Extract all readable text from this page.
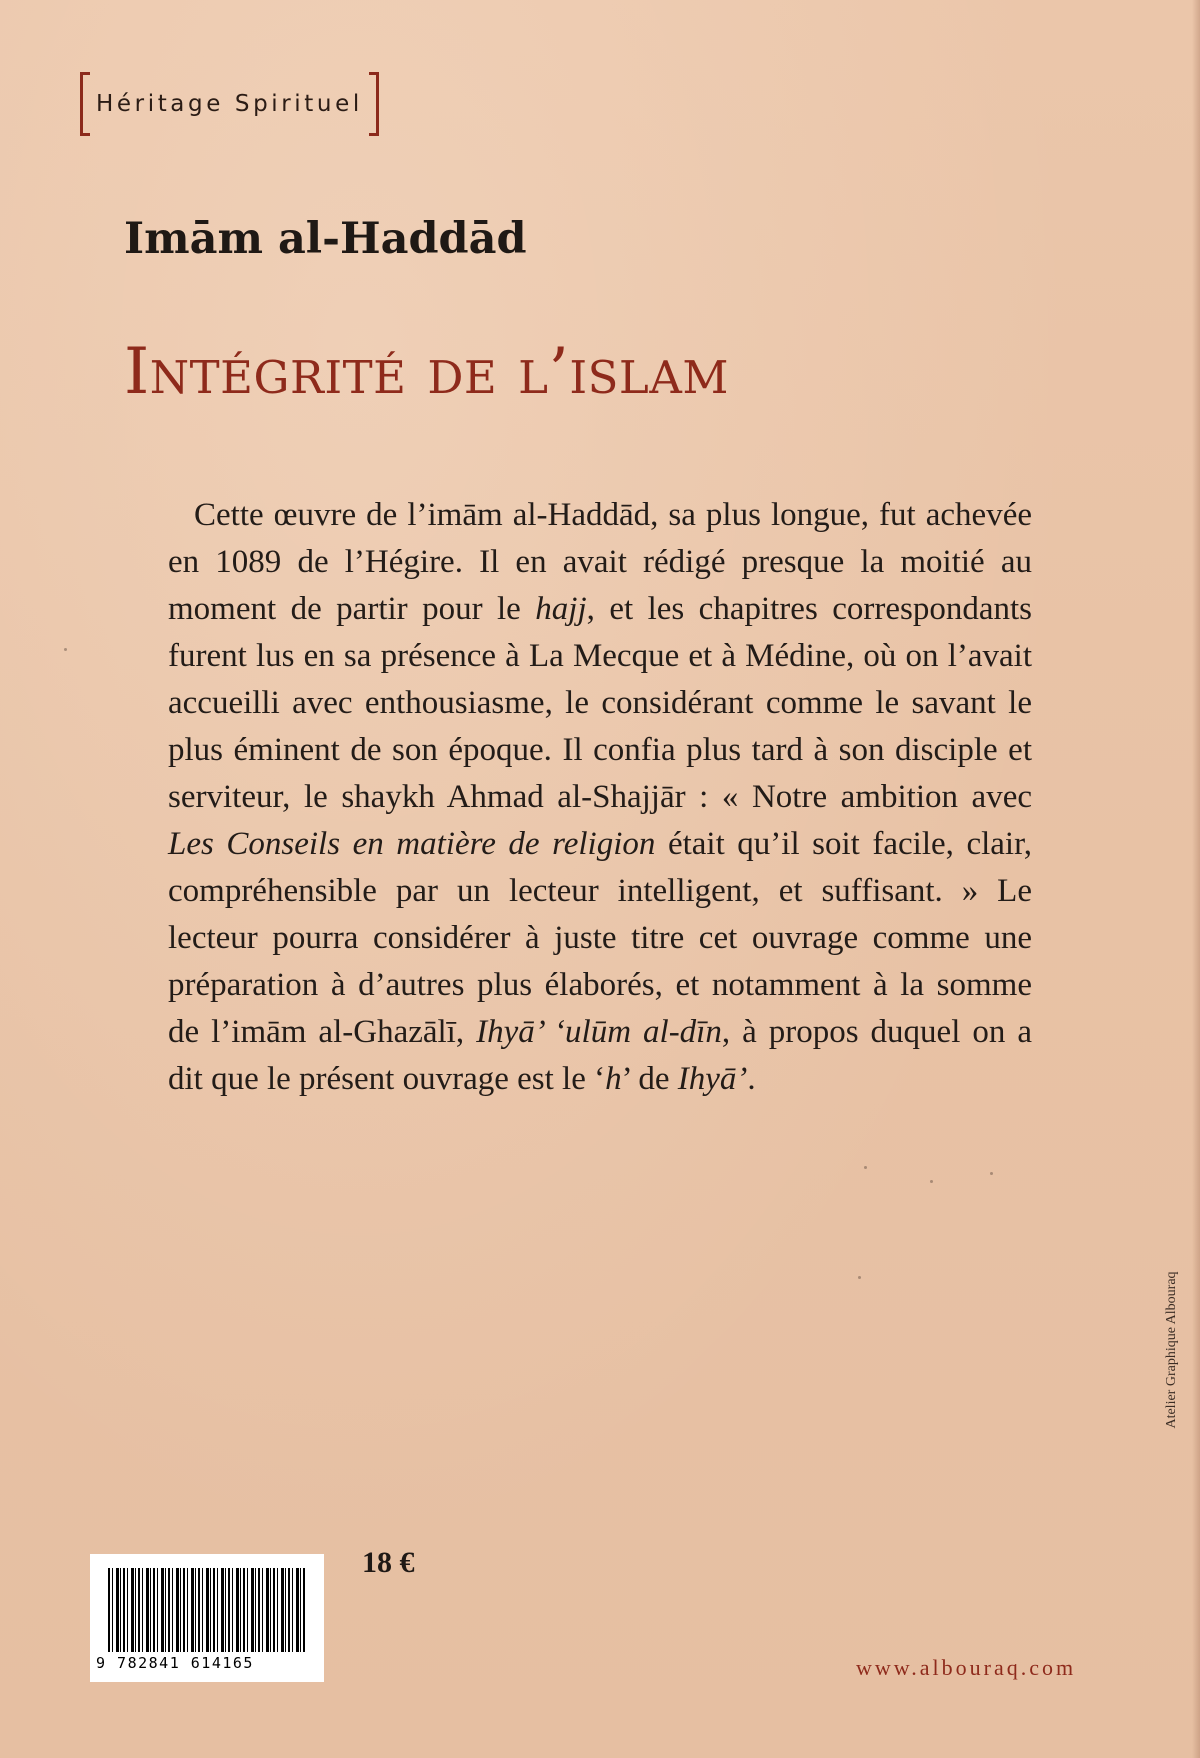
Héritage Spirituel
Imām al-Haddād
Intégrité de l’islam

Cette œuvre de l’imām al-Haddād, sa plus longue, fut achevée en 1089 de l’Hégire. Il en avait rédigé presque la moitié au moment de partir pour le hajj, et les chapitres correspondants furent lus en sa présence à La Mecque et à Médine, où on l’avait accueilli avec enthousiasme, le considérant comme le savant le plus éminent de son époque. Il confia plus tard à son disciple et serviteur, le shaykh Ahmad al-Shajjār : « Notre ambition avec Les Conseils en matière de religion était qu’il soit facile, clair, compréhensible par un lecteur intelligent, et suffisant. » Le lecteur pourra considérer à juste titre cet ouvrage comme une préparation à d’autres plus élaborés, et notamment à la somme de l’imām al-Ghazālī, Ihyā’ ‘ulūm al-dīn, à propos duquel on a dit que le présent ouvrage est le ‘h’ de Ihyā’.

9 782841 614165
18 €
www.albouraq.com
Atelier Graphique Albouraq
